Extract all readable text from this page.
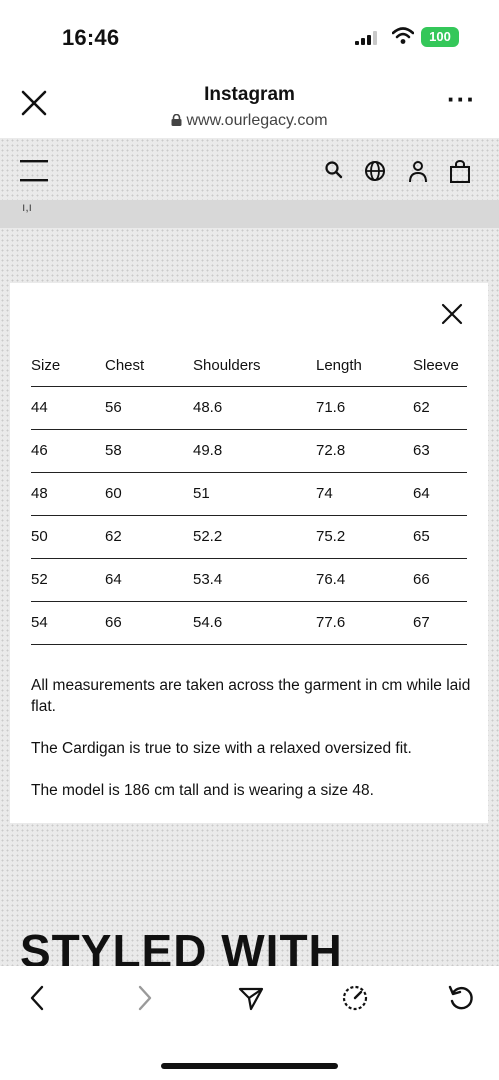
16:46	100
Instagram
www.ourlegacy.com
···
ı,ı
Size	Chest	Shoulders	Length	Sleeve
44	56	48.6	71.6	62
46	58	49.8	72.8	63
48	60	51	74	64
50	62	52.2	75.2	65
52	64	53.4	76.4	66
54	66	54.6	77.6	67

All measurements are taken across the garment in cm while laid flat.

The Cardigan is true to size with a relaxed oversized fit.

The model is 186 cm tall and is wearing a size 48.

STYLED WITH
